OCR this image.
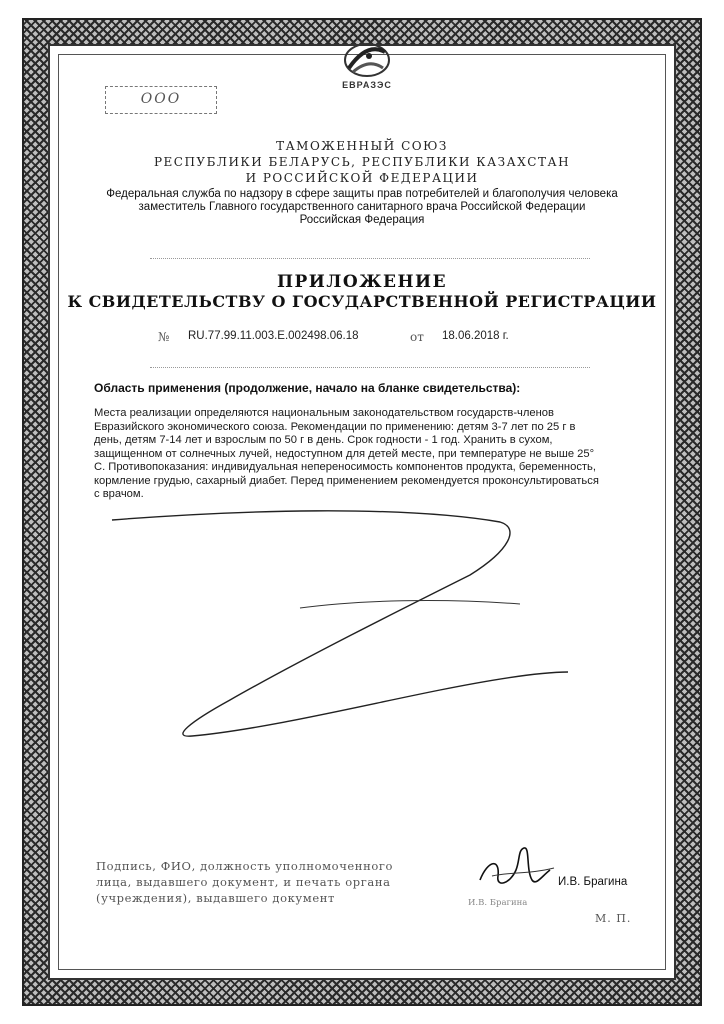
ЕВРАЗЭС
ООО
ТАМОЖЕННЫЙ СОЮЗ
РЕСПУБЛИКИ БЕЛАРУСЬ, РЕСПУБЛИКИ КАЗАХСТАН
И РОССИЙСКОЙ ФЕДЕРАЦИИ
Федеральная служба по надзору в сфере защиты прав потребителей и благополучия человека
заместитель Главного государственного санитарного врача Российской Федерации
Российская Федерация
ПРИЛОЖЕНИЕ
К СВИДЕТЕЛЬСТВУ О ГОСУДАРСТВЕННОЙ РЕГИСТРАЦИИ
№ RU.77.99.11.003.Е.002498.06.18	от 18.06.2018 г.
Область применения (продолжение, начало на бланке свидетельства):
Места реализации определяются национальным законодательством государств-членов
Евразийского экономического союза. Рекомендации по применению: детям 3-7 лет по 25 г в
день, детям 7-14 лет и взрослым по 50 г в день. Срок годности - 1 год. Хранить в сухом,
защищенном от солнечных лучей, недоступном для детей месте, при температуре не выше 25°
С. Противопоказания: индивидуальная непереносимость компонентов продукта, беременность,
кормление грудью, сахарный диабет. Перед применением рекомендуется проконсультироваться
с врачом.
Подпись, ФИО, должность уполномоченного
лица, выдавшего документ, и печать органа
(учреждения), выдавшего документ
И.В. Брагина
И.В. Брагина
М. П.
